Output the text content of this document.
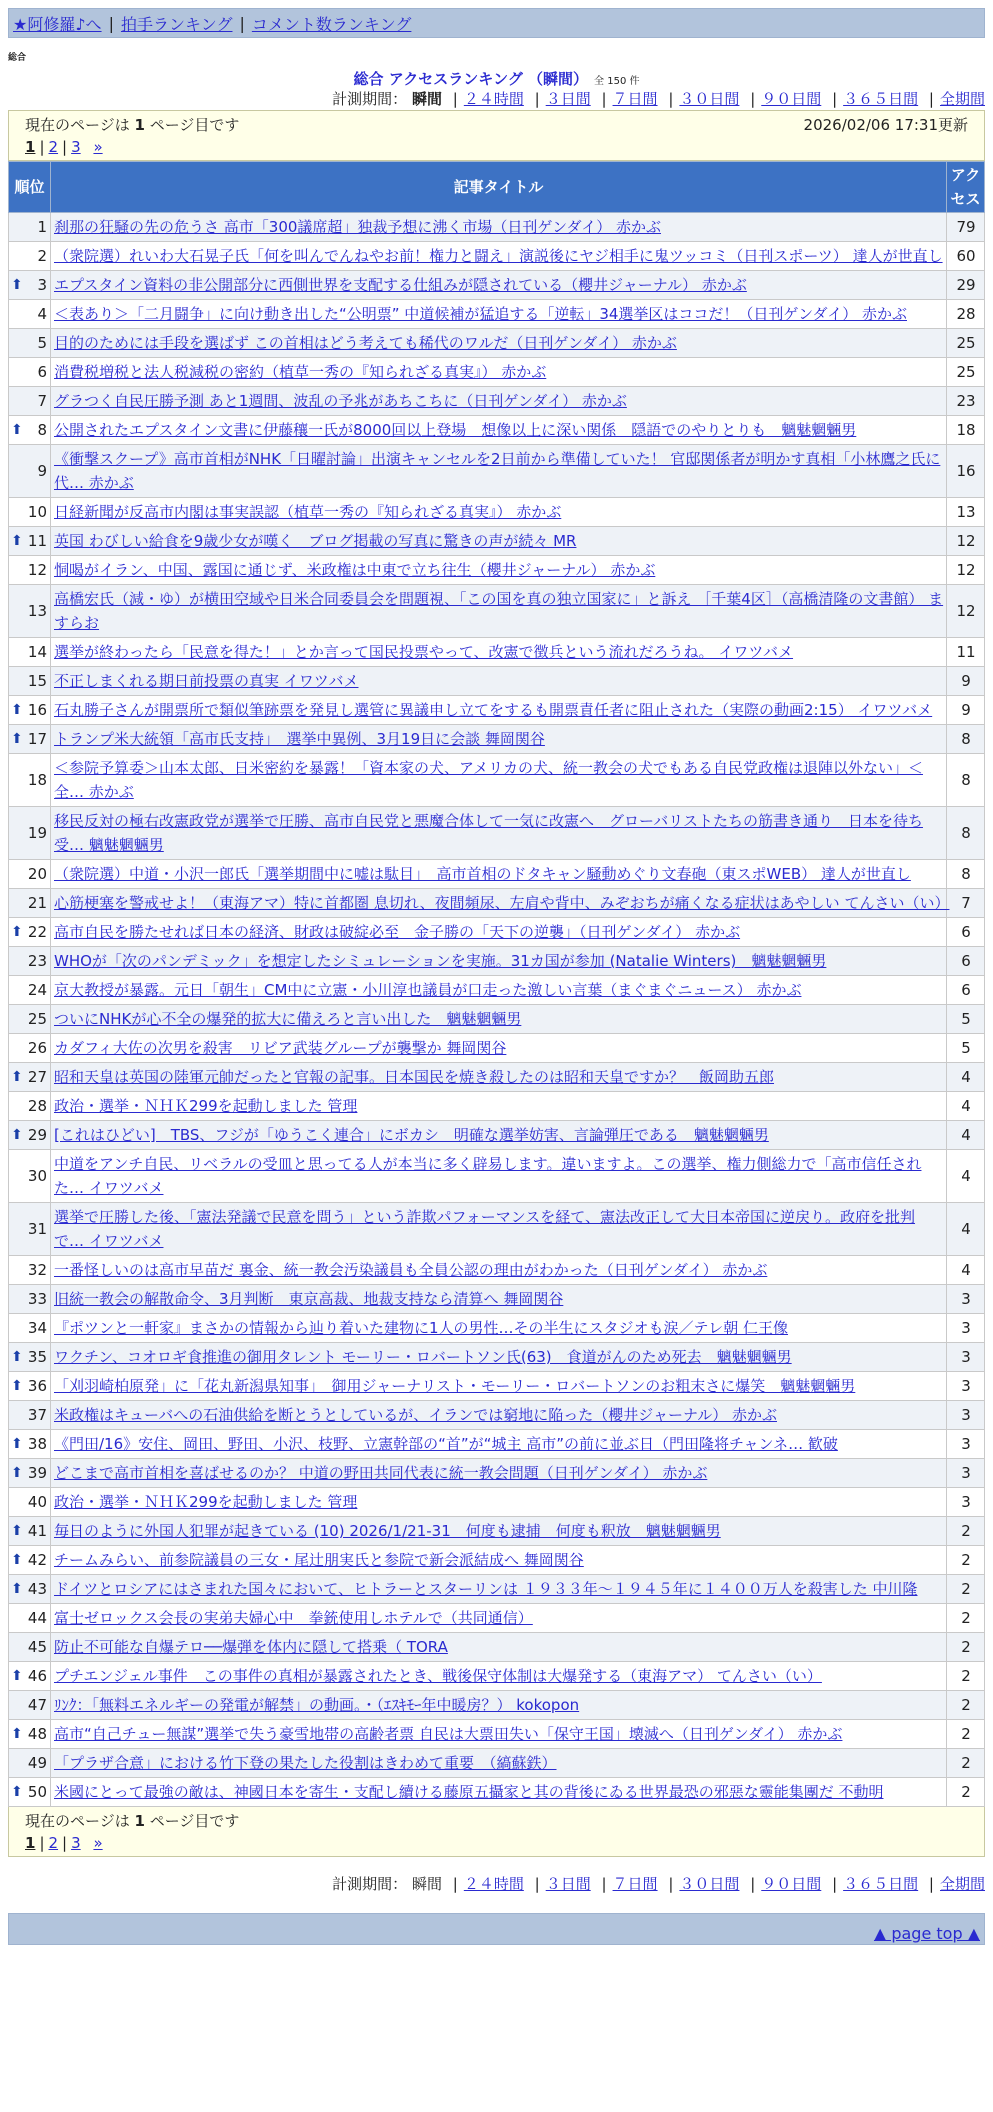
★阿修羅♪へ | 拍手ランキング | コメント数ランキング
総合
総合 アクセスランキング （瞬間） 全 150 件
計測期間： 瞬間 | ２４時間 | ３日間 | ７日間 | ３０日間 | ９０日間 | ３６５日間 | 全期間
現在のページは 1 ページ目です	2026/02/06 17:31更新
1 | 2 | 3 »
順位	記事タイトル	アクセス
1	刹那の狂騒の先の危うさ 高市「300議席超」独裁予想に沸く市場（日刊ゲンダイ） 赤かぶ	79
2	（衆院選）れいわ大石晃子氏「何を叫んでんねやお前！権力と闘え」演説後にヤジ相手に鬼ツッコミ（日刊スポーツ） 達人が世直し	60

⬆ 3	エプスタイン資料の非公開部分に西側世界を支配する仕組みが隠されている（櫻井ジャーナル） 赤かぶ	29
4	＜表あり＞「二月闘争」に向け動き出した“公明票” 中道候補が猛追する「逆転」34選挙区はココだ！（日刊ゲンダイ） 赤かぶ	28
5	目的のためには手段を選ばず この首相はどう考えても稀代のワルだ（日刊ゲンダイ） 赤かぶ	25
6	消費税増税と法人税減税の密約（植草一秀の『知られざる真実』） 赤かぶ	25
7	グラつく自民圧勝予測 あと1週間、波乱の予兆があちこちに（日刊ゲンダイ） 赤かぶ	23

⬆ 8	公開されたエプスタイン文書に伊藤穰一氏が8000回以上登場　想像以上に深い関係　隠語でのやりとりも　魑魅魍魎男	18
9	《衝撃スクープ》高市首相がNHK「日曜討論」出演キャンセルを2日前から準備していた！ 官邸関係者が明かす真相「小林鷹之氏に代… 赤かぶ	16
10	日経新聞が反高市内閣は事実誤認（植草一秀の『知られざる真実』） 赤かぶ	13

⬆ 11	英国 わびしい給食を9歳少女が嘆く　ブログ掲載の写真に驚きの声が続々 MR	12
12	恫喝がイラン、中国、露国に通じず、米政権は中東で立ち往生（櫻井ジャーナル） 赤かぶ	12
13	高橋宏氏（減・ゆ）が横田空域や日米合同委員会を問題視、「この国を真の独立国家に」と訴え ［千葉4区］（高橋清隆の文書館） ますらお	12
14	選挙が終わったら「民意を得た！」とか言って国民投票やって、改憲で徴兵という流れだろうね。 イワツバメ	11
15	不正しまくれる期日前投票の真実 イワツバメ	9

⬆ 16	石丸勝子さんが開票所で類似筆跡票を発見し選管に異議申し立てをするも開票責任者に阻止された（実際の動画2:15） イワツバメ	9

⬆ 17	トランプ米大統領「高市氏支持」　選挙中異例、3月19日に会談 舞岡関谷	8
18	＜参院予算委＞山本太郎、日米密約を暴露！「資本家の犬、アメリカの犬、統一教会の犬でもある自民党政権は退陣以外ない」＜全… 赤かぶ	8
19	移民反対の極右改憲政党が選挙で圧勝、高市自民党と悪魔合体して一気に改憲へ　グローバリストたちの筋書き通り　日本を待ち受… 魑魅魍魎男	8
20	（衆院選）中道・小沢一郎氏「選挙期間中に嘘は駄目」　高市首相のドタキャン騒動めぐり文春砲（東スポWEB） 達人が世直し	8
21	心筋梗塞を警戒せよ！（東海アマ）特に首都圏 息切れ、夜間頻尿、左肩や背中、みぞおちが痛くなる症状はあやしい てんさい（い）	7

⬆ 22	高市自民を勝たせれば日本の経済、財政は破綻必至　金子勝の「天下の逆襲」（日刊ゲンダイ） 赤かぶ	6
23	WHOが「次のパンデミック」を想定したシミュレーションを実施。31カ国が参加 (Natalie Winters)　魑魅魍魎男	6
24	京大教授が暴露。元日「朝生」CM中に立憲・小川淳也議員が口走った激しい言葉（まぐまぐニュース） 赤かぶ	6
25	ついにNHKが心不全の爆発的拡大に備えろと言い出した　魑魅魍魎男	5
26	カダフィ大佐の次男を殺害　リビア武装グループが襲撃か 舞岡関谷	5

⬆ 27	昭和天皇は英国の陸軍元帥だったと官報の記事。日本国民を焼き殺したのは昭和天皇ですか？　飯岡助五郎	4
28	政治・選挙・ＮＨＫ299を起動しました 管理	4

⬆ 29	[これはひどい]　TBS、フジが「ゆうこく連合」にボカシ　明確な選挙妨害、言論弾圧である　魑魅魍魎男	4
30	中道をアンチ自民、リベラルの受皿と思ってる人が本当に多く辟易します。違いますよ。この選挙、権力側総力で「高市信任された… イワツバメ	4
31	選挙で圧勝した後、「憲法発議で民意を問う」という詐欺パフォーマンスを経て、憲法改正して大日本帝国に逆戻り。政府を批判で… イワツバメ	4
32	一番怪しいのは高市早苗だ 裏金、統一教会汚染議員も全員公認の理由がわかった（日刊ゲンダイ） 赤かぶ	4
33	旧統一教会の解散命令、3月判断　東京高裁、地裁支持なら清算へ 舞岡関谷	3
34	『ポツンと一軒家』まさかの情報から辿り着いた建物に1人の男性…その半生にスタジオも涙／テレ朝 仁王像	3

⬆ 35	ワクチン、コオロギ食推進の御用タレント モーリー・ロバートソン氏(63)　食道がんのため死去　魑魅魍魎男	3

⬆ 36	「刈羽崎柏原発」に「花丸新潟県知事」　御用ジャーナリスト・モーリー・ロバートソンのお粗末さに爆笑　魑魅魍魎男	3
37	米政権はキューバへの石油供給を断とうとしているが、イランでは窮地に陥った（櫻井ジャーナル） 赤かぶ	3

⬆ 38	《門田/16》安住、岡田、野田、小沢、枝野、立憲幹部の“首”が“城主 高市”の前に並ぶ日（門田隆将チャンネ… 歓破	3

⬆ 39	どこまで高市首相を喜ばせるのか？ 中道の野田共同代表に統一教会問題（日刊ゲンダイ） 赤かぶ	3
40	政治・選挙・ＮＨＫ299を起動しました 管理	3

⬆ 41	毎日のように外国人犯罪が起きている (10) 2026/1/21-31　何度も逮捕　何度も釈放　魑魅魍魎男	2

⬆ 42	チームみらい、前参院議員の三女・尾辻朋実氏と参院で新会派結成へ 舞岡関谷	2

⬆ 43	ドイツとロシアにはさまれた国々において、ヒトラーとスターリンは １９３３年～１９４５年に１４００万人を殺害した 中川隆	2
44	富士ゼロックス会長の実弟夫婦心中　拳銃使用しホテルで（共同通信）	2
45	防止不可能な自爆テロ──爆弾を体内に隠して搭乗（ TORA	2

⬆ 46	プチエンジェル事件　この事件の真相が暴露されたとき、戦後保守体制は大爆発する（東海アマ） てんさい（い）	2
47	ﾘﾝｸ：「無料エネルギーの発電が解禁」の動画。・（ｴｽｷﾓｰ年中暖房？） kokopon	2

⬆ 48	高市“自己チュー無謀”選挙で失う豪雪地帯の高齢者票 自民は大票田失い「保守王国」壊滅へ（日刊ゲンダイ） 赤かぶ	2
49	「プラザ合意」における竹下登の果たした役割はきわめて重要　（縞蘇鉄）	2

⬆ 50	米國にとって最強の敵は、神國日本を寄生・支配し續ける藤原五攝家と其の背後にゐる世界最恐の邪惡な靈能集團だ 不動明	2
現在のページは 1 ページ目です
1 | 2 | 3 »
計測期間： 瞬間 | ２４時間 | ３日間 | ７日間 | ３０日間 | ９０日間 | ３６５日間 | 全期間
▲ page top ▲
